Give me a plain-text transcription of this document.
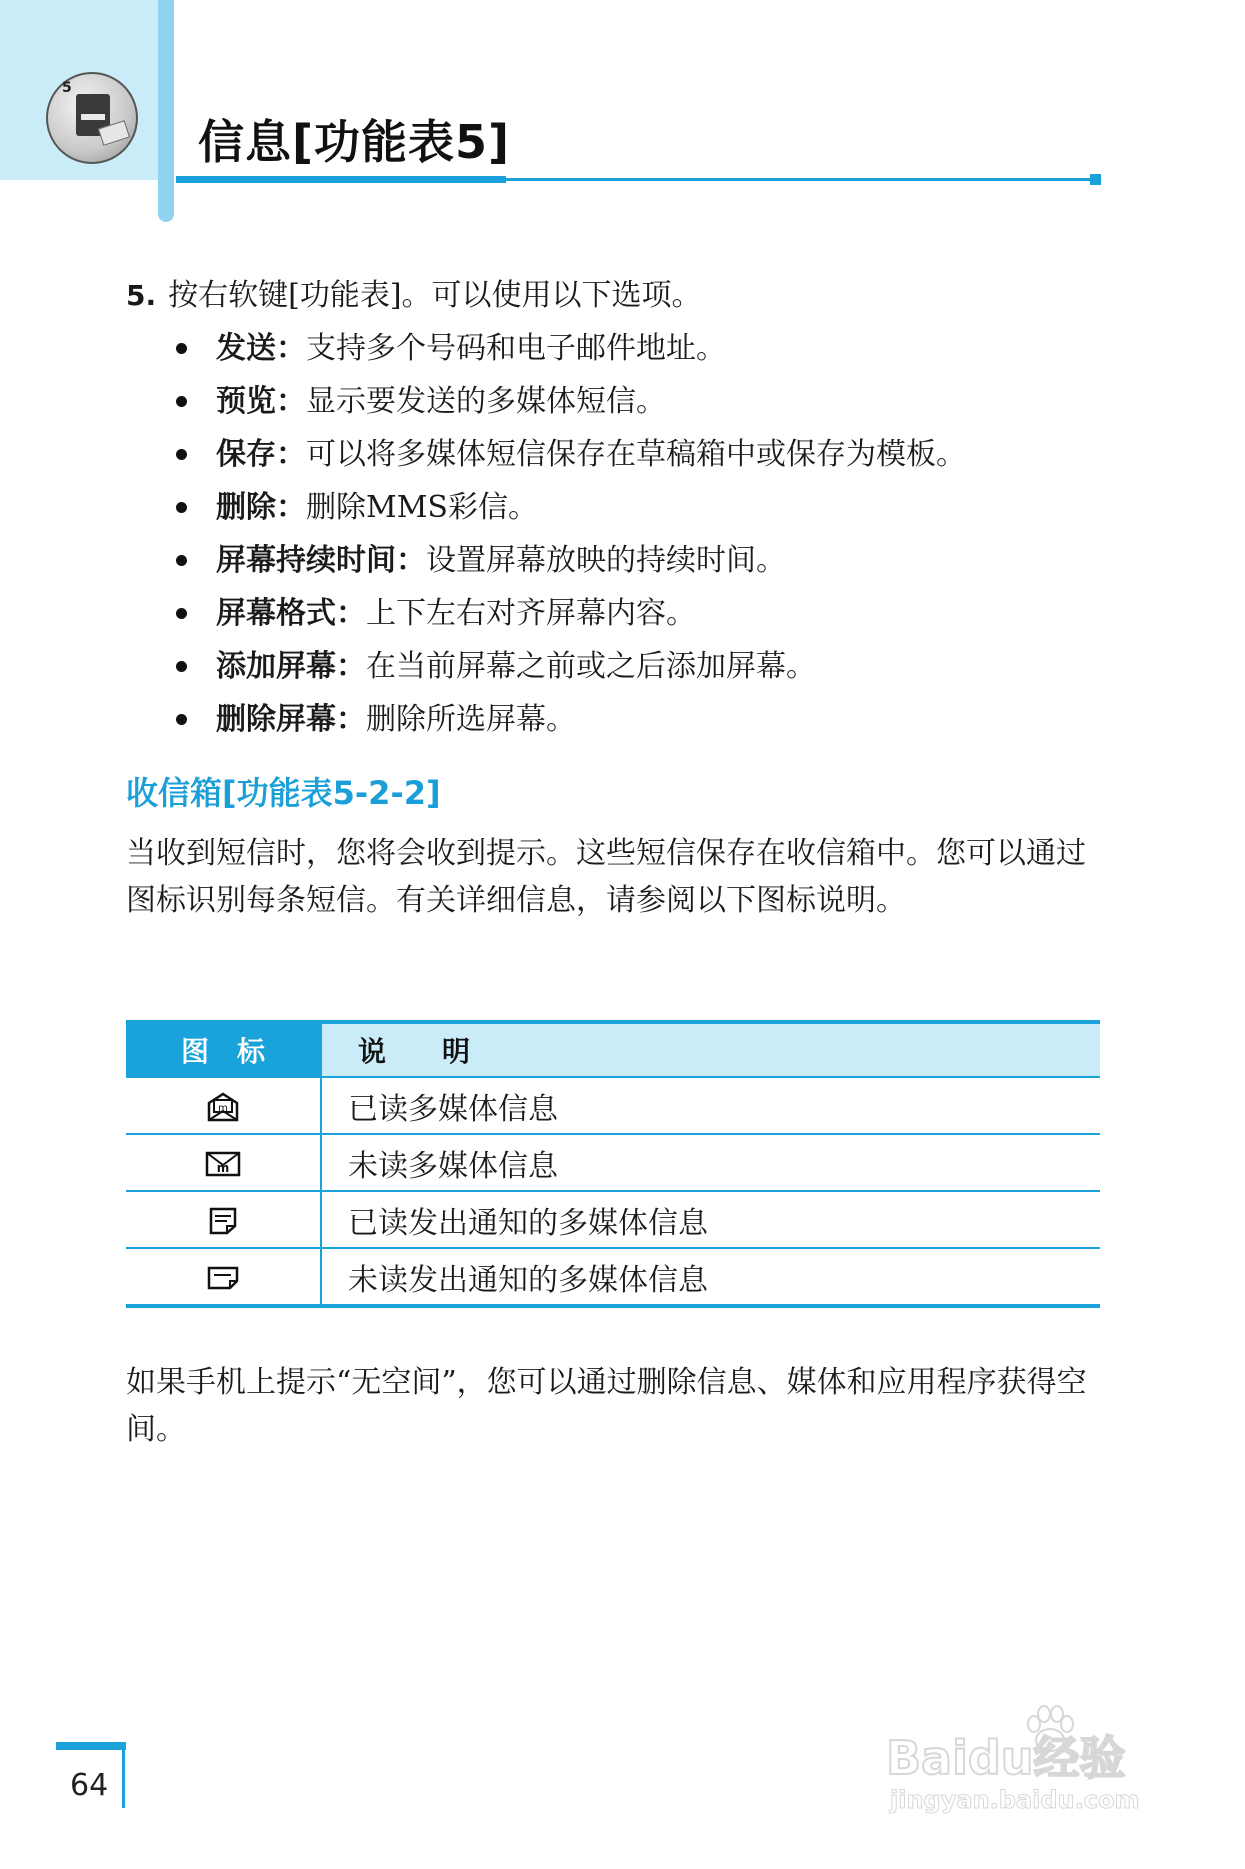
5
信息[功能表5]
5. 按右软键[功能表]。可以使用以下选项。
发送：支持多个号码和电子邮件地址。
预览：显示要发送的多媒体短信。
保存：可以将多媒体短信保存在草稿箱中或保存为模板。
删除：删除MMS彩信。
屏幕持续时间：设置屏幕放映的持续时间。
屏幕格式：上下左右对齐屏幕内容。
添加屏幕：在当前屏幕之前或之后添加屏幕。
删除屏幕：删除所选屏幕。
收信箱[功能表5-2-2]

当收到短信时，您将会收到提示。这些短信保存在收信箱中。您可以通过图标识别每条短信。有关详细信息，请参阅以下图标说明。

图　标	说　　明

m	已读多媒体信息

m	未读多媒体信息
	已读发出通知的多媒体信息
	未读发出通知的多媒体信息

如果手机上提示“无空间”，您可以通过删除信息、媒体和应用程序获得空间。

64
Baidu经验
jingyan.baidu.com
